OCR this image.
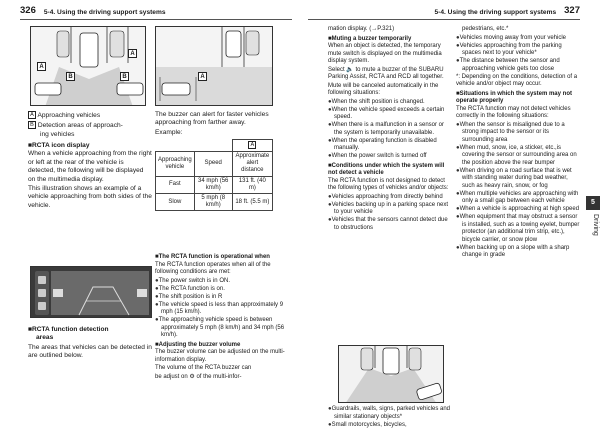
326 5-4. Using the driving support systems	5-4. Using the driving support systems 327
A
B
A
B	A
A Approaching vehicles
B Detection areas of approach-
ing vehicles
■ RCTA icon display
When a vehicle approaching from the right or left at the rear of the vehicle is detected, the following will be displayed on the multimedia display.
This illustration shows an example of a vehicle approaching from both sides of the vehicle.
■ RCTA function detection
areas
The areas that vehicles can be detected in are outlined below.
The buzzer can alert for faster vehicles approaching from farther away.
Example:
		A
Approaching vehicle	Speed	Approximate alert distance
Fast	34 mph (56 km/h)	131 ft. (40 m)
Slow	5 mph (8 km/h)	18 ft. (5.5 m)
■ The RCTA function is operational when
The RCTA function operates when all of the following conditions are met:
● The power switch is in ON.
● The RCTA function is on.
● The shift position is in R
● The vehicle speed is less than approximately 9 mph (15 km/h).
● The approaching vehicle speed is between approximately 5 mph (8 km/h) and 34 mph (56 km/h).
■ Adjusting the buzzer volume
The buzzer volume can be adjusted on the multi-information display.
The volume of the RCTA buzzer can
be adjust on ⚙ of the multi-infor-
mation display. (→P.321)
■ Muting a buzzer temporarily
When an object is detected, the temporary mute switch is displayed on the multimedia display system.
Select 🔈 to mute a buzzer of the SUBARU Parking Assist, RCTA and RCD all together.
Mute will be canceled automatically in the following situations:
● When the shift position is changed.
● When the vehicle speed exceeds a certain speed.
● When there is a malfunction in a sensor or the system is temporarily unavailable.
● When the operating function is disabled manually.
● When the power switch is turned off
■ Conditions under which the system will not detect a vehicle
The RCTA function is not designed to detect the following types of vehicles and/or objects:
● Vehicles approaching from directly behind
● Vehicles backing up in a parking space next to your vehicle
● Vehicles that the sensors cannot detect due to obstructions
● Guardrails, walls, signs, parked vehicles and similar stationary objects*
● Small motorcycles, bicycles,
pedestrians, etc.*
● Vehicles moving away from your vehicle
● Vehicles approaching from the parking spaces next to your vehicle*
● The distance between the sensor and approaching vehicle gets too close
*: Depending on the conditions, detection of a vehicle and/or object may occur.
■ Situations in which the system may not operate properly
The RCTA function may not detect vehicles correctly in the following situations:
● When the sensor is misaligned due to a strong impact to the sensor or its surrounding area
● When mud, snow, ice, a sticker, etc.,is covering the sensor or surrounding area on the position above the rear bumper
● When driving on a road surface that is wet with standing water during bad weather, such as heavy rain, snow, or fog
● When multiple vehicles are approaching with only a small gap between each vehicle
● When a vehicle is approaching at high speed
● When equipment that may obstruct a sensor is installed, such as a towing eyelet, bumper protector (an additional trim strip, etc.), bicycle carrier, or snow plow
● When backing up on a slope with a sharp change in grade
5
Driving
